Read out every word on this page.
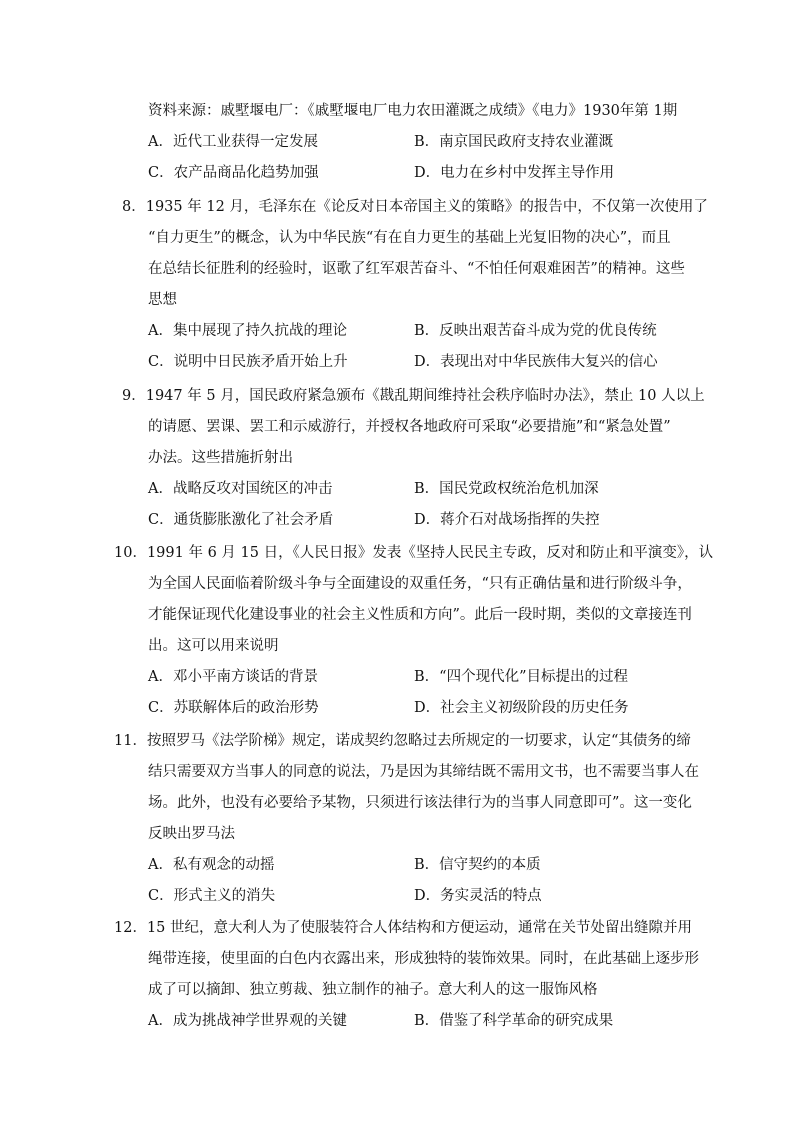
资料来源：戚墅堰电厂：《戚墅堰电厂电力农田灌溉之成绩》《电力》1930年第 1期
A．近代工业获得一定发展	B．南京国民政府支持农业灌溉
C．农产品商品化趋势加强	D．电力在乡村中发挥主导作用
8．1935 年 12 月，毛泽东在《论反对日本帝国主义的策略》的报告中，不仅第一次使用了
“自力更生”的概念，认为中华民族“有在自力更生的基础上光复旧物的决心”，而且
在总结长征胜利的经验时，讴歌了红军艰苦奋斗、“不怕任何艰难困苦”的精神。这些
思想
A．集中展现了持久抗战的理论	B．反映出艰苦奋斗成为党的优良传统
C．说明中日民族矛盾开始上升	D．表现出对中华民族伟大复兴的信心
9．1947 年 5 月，国民政府紧急颁布《戡乱期间维持社会秩序临时办法》，禁止 10 人以上
的请愿、罢课、罢工和示威游行，并授权各地政府可采取“必要措施”和“紧急处置”
办法。这些措施折射出
A．战略反攻对国统区的冲击	B．国民党政权统治危机加深
C．通货膨胀激化了社会矛盾	D．蒋介石对战场指挥的失控
10．1991 年 6 月 15 日，《人民日报》发表《坚持人民民主专政，反对和防止和平演变》，认
为全国人民面临着阶级斗争与全面建设的双重任务，“只有正确估量和进行阶级斗争，
才能保证现代化建设事业的社会主义性质和方向”。此后一段时期，类似的文章接连刊
出。这可以用来说明
A．邓小平南方谈话的背景	B．“四个现代化”目标提出的过程
C．苏联解体后的政治形势	D．社会主义初级阶段的历史任务
11．按照罗马《法学阶梯》规定，诺成契约忽略过去所规定的一切要求，认定“其债务的缔
结只需要双方当事人的同意的说法，乃是因为其缔结既不需用文书，也不需要当事人在
场。此外，也没有必要给予某物，只须进行该法律行为的当事人同意即可”。这一变化
反映出罗马法
A．私有观念的动摇	B．信守契约的本质
C．形式主义的消失	D．务实灵活的特点
12．15 世纪，意大利人为了使服装符合人体结构和方便运动，通常在关节处留出缝隙并用
绳带连接，使里面的白色内衣露出来，形成独特的装饰效果。同时，在此基础上逐步形
成了可以摘卸、独立剪裁、独立制作的袖子。意大利人的这一服饰风格
A．成为挑战神学世界观的关键	B．借鉴了科学革命的研究成果
